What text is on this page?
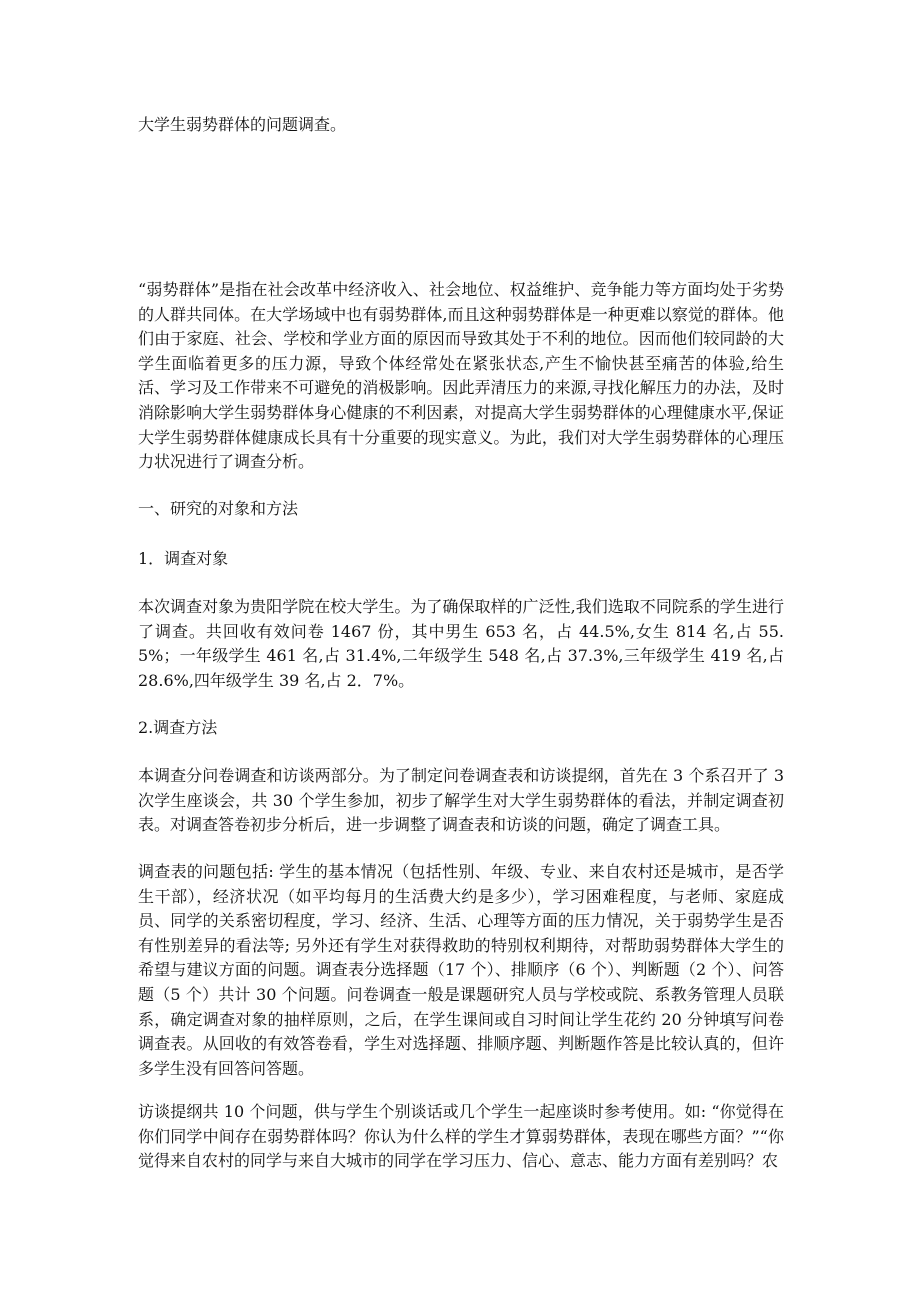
大学生弱势群体的问题调查。

“弱势群体”是指在社会改革中经济收入、社会地位、权益维护、竞争能力等方面均处于劣势的人群共同体。在大学场域中也有弱势群体,而且这种弱势群体是一种更难以察觉的群体。他们由于家庭、社会、学校和学业方面的原因而导致其处于不利的地位。因而他们较同龄的大学生面临着更多的压力源，导致个体经常处在紧张状态,产生不愉快甚至痛苦的体验,给生活、学习及工作带来不可避免的消极影响。因此弄清压力的来源,寻找化解压力的办法，及时消除影响大学生弱势群体身心健康的不利因素，对提高大学生弱势群体的心理健康水平,保证大学生弱势群体健康成长具有十分重要的现实意义。为此，我们对大学生弱势群体的心理压力状况进行了调查分析。

一、研究的对象和方法

1．调查对象

本次调查对象为贵阳学院在校大学生。为了确保取样的广泛性,我们选取不同院系的学生进行了调查。共回收有效问卷 1467 份，其中男生 653 名，占 44.5%,女生 814 名,占 55.5%；一年级学生 461 名,占 31.4%,二年级学生 548 名,占 37.3%,三年级学生 419 名,占 28.6%,四年级学生 39 名,占 2．7%。

2.调查方法

本调查分问卷调查和访谈两部分。为了制定问卷调查表和访谈提纲，首先在 3 个系召开了 3 次学生座谈会，共 30 个学生参加，初步了解学生对大学生弱势群体的看法，并制定调查初表。对调查答卷初步分析后，进一步调整了调查表和访谈的问题，确定了调查工具。

调查表的问题包括: 学生的基本情况（包括性别、年级、专业、来自农村还是城市，是否学生干部），经济状况（如平均每月的生活费大约是多少），学习困难程度，与老师、家庭成员、同学的关系密切程度，学习、经济、生活、心理等方面的压力情况，关于弱势学生是否有性别差异的看法等; 另外还有学生对获得救助的特别权利期待，对帮助弱势群体大学生的希望与建议方面的问题。调查表分选择题（17 个）、排顺序（6 个）、判断题（2 个）、问答题（5 个）共计 30 个问题。问卷调查一般是课题研究人员与学校或院、系教务管理人员联系，确定调查对象的抽样原则，之后，在学生课间或自习时间让学生花约 20 分钟填写问卷调查表。从回收的有效答卷看，学生对选择题、排顺序题、判断题作答是比较认真的，但许多学生没有回答问答题。

访谈提纲共 10 个问题，供与学生个别谈话或几个学生一起座谈时参考使用。如: “你觉得在你们同学中间存在弱势群体吗？你认为什么样的学生才算弱势群体，表现在哪些方面？”“你觉得来自农村的同学与来自大城市的同学在学习压力、信心、意志、能力方面有差别吗？农
